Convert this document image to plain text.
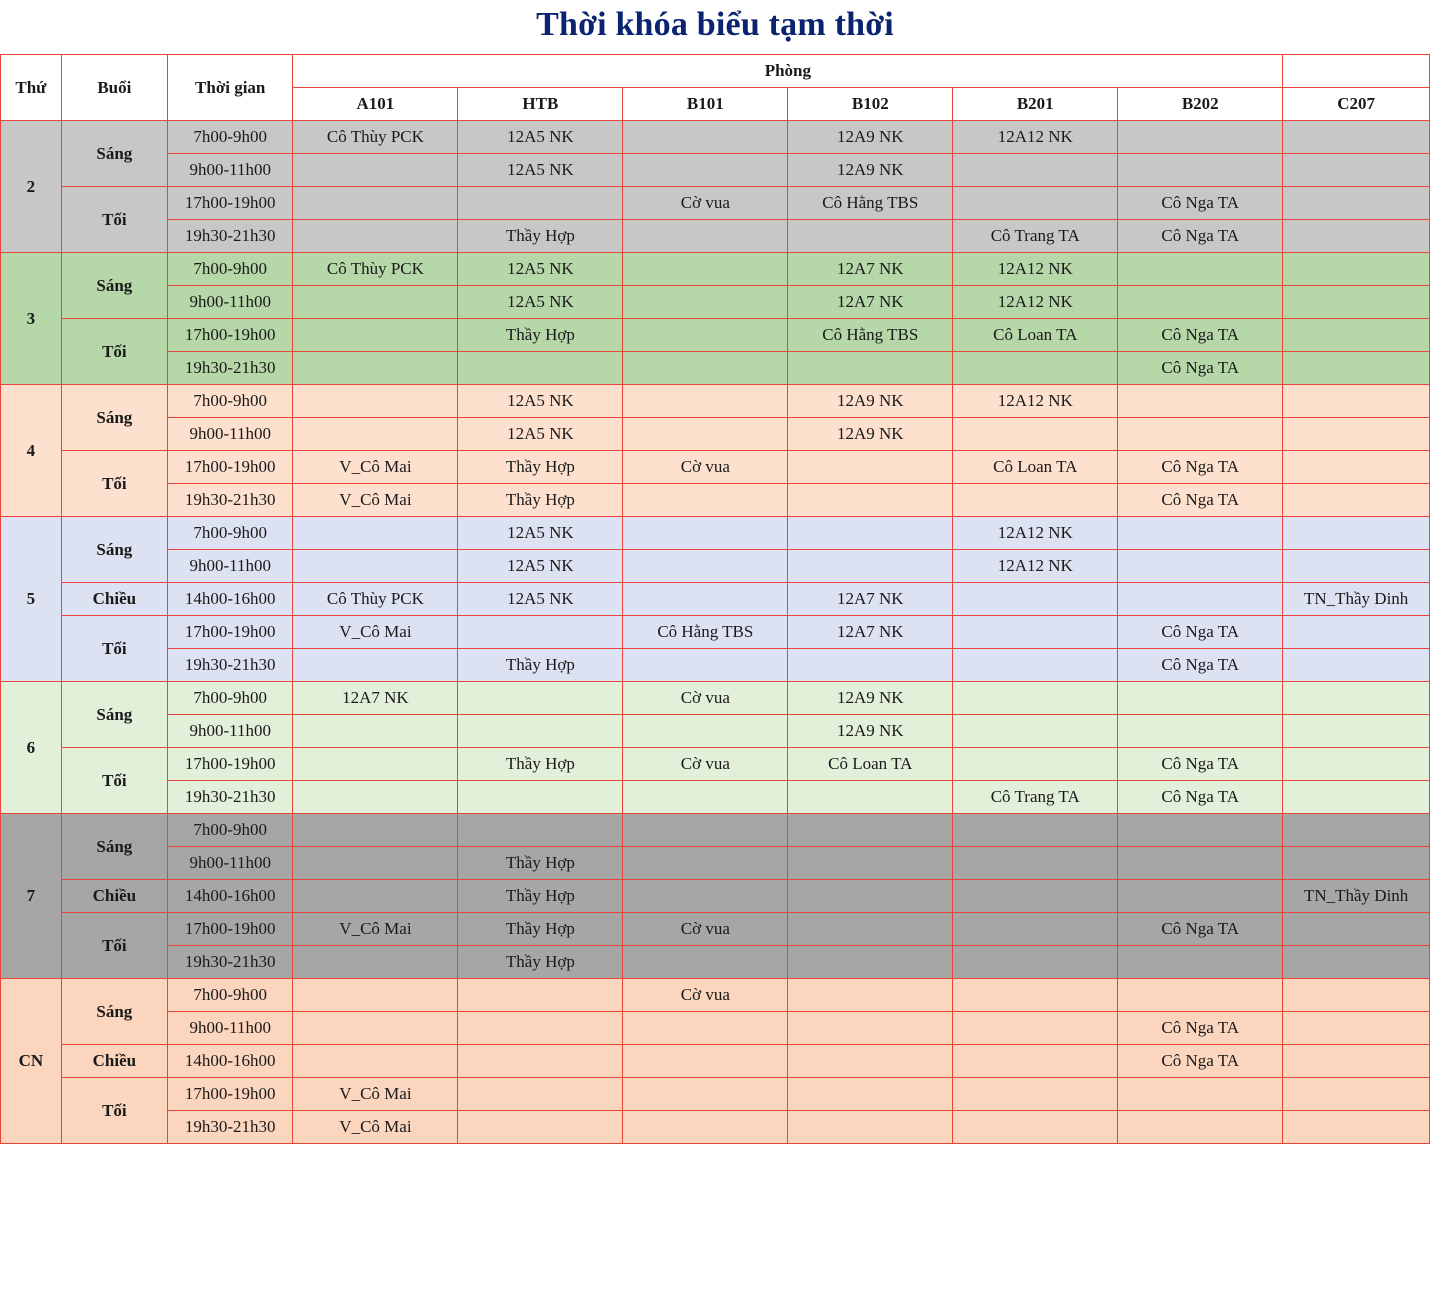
Thời khóa biểu tạm thời
Thứ	Buổi	Thời gian	Phòng						
			A101	HTB	B101	B102	B201	B202	C207
2	Sáng	7h00-9h00	Cô Thùy PCK	12A5 NK		12A9 NK	12A12 NK		
		9h00-11h00		12A5 NK		12A9 NK			
	Tối	17h00-19h00			Cờ vua	Cô Hằng TBS		Cô Nga TA	
		19h30-21h30		Thầy Hợp			Cô Trang TA	Cô Nga TA	
3	Sáng	7h00-9h00	Cô Thùy PCK	12A5 NK		12A7 NK	12A12 NK		
		9h00-11h00		12A5 NK		12A7 NK	12A12 NK		
	Tối	17h00-19h00		Thầy Hợp		Cô Hằng TBS	Cô Loan TA	Cô Nga TA	
		19h30-21h30						Cô Nga TA	
4	Sáng	7h00-9h00		12A5 NK		12A9 NK	12A12 NK		
		9h00-11h00		12A5 NK		12A9 NK			
	Tối	17h00-19h00	V_Cô Mai	Thầy Hợp	Cờ vua		Cô Loan TA	Cô Nga TA	
		19h30-21h30	V_Cô Mai	Thầy Hợp				Cô Nga TA	
5	Sáng	7h00-9h00		12A5 NK			12A12 NK		
		9h00-11h00		12A5 NK			12A12 NK		
	Chiều	14h00-16h00	Cô Thùy PCK	12A5 NK		12A7 NK			TN_Thầy Dinh
	Tối	17h00-19h00	V_Cô Mai		Cô Hằng TBS	12A7 NK		Cô Nga TA	
		19h30-21h30		Thầy Hợp				Cô Nga TA	
6	Sáng	7h00-9h00	12A7 NK		Cờ vua	12A9 NK			
		9h00-11h00				12A9 NK			
	Tối	17h00-19h00		Thầy Hợp	Cờ vua	Cô Loan TA		Cô Nga TA	
		19h30-21h30					Cô Trang TA	Cô Nga TA	
7	Sáng	7h00-9h00							
		9h00-11h00		Thầy Hợp					
	Chiều	14h00-16h00		Thầy Hợp					TN_Thầy Dinh
	Tối	17h00-19h00	V_Cô Mai	Thầy Hợp	Cờ vua			Cô Nga TA	
		19h30-21h30		Thầy Hợp					
CN	Sáng	7h00-9h00			Cờ vua				
		9h00-11h00						Cô Nga TA	
	Chiều	14h00-16h00						Cô Nga TA	
	Tối	17h00-19h00	V_Cô Mai						
		19h30-21h30	V_Cô Mai						
